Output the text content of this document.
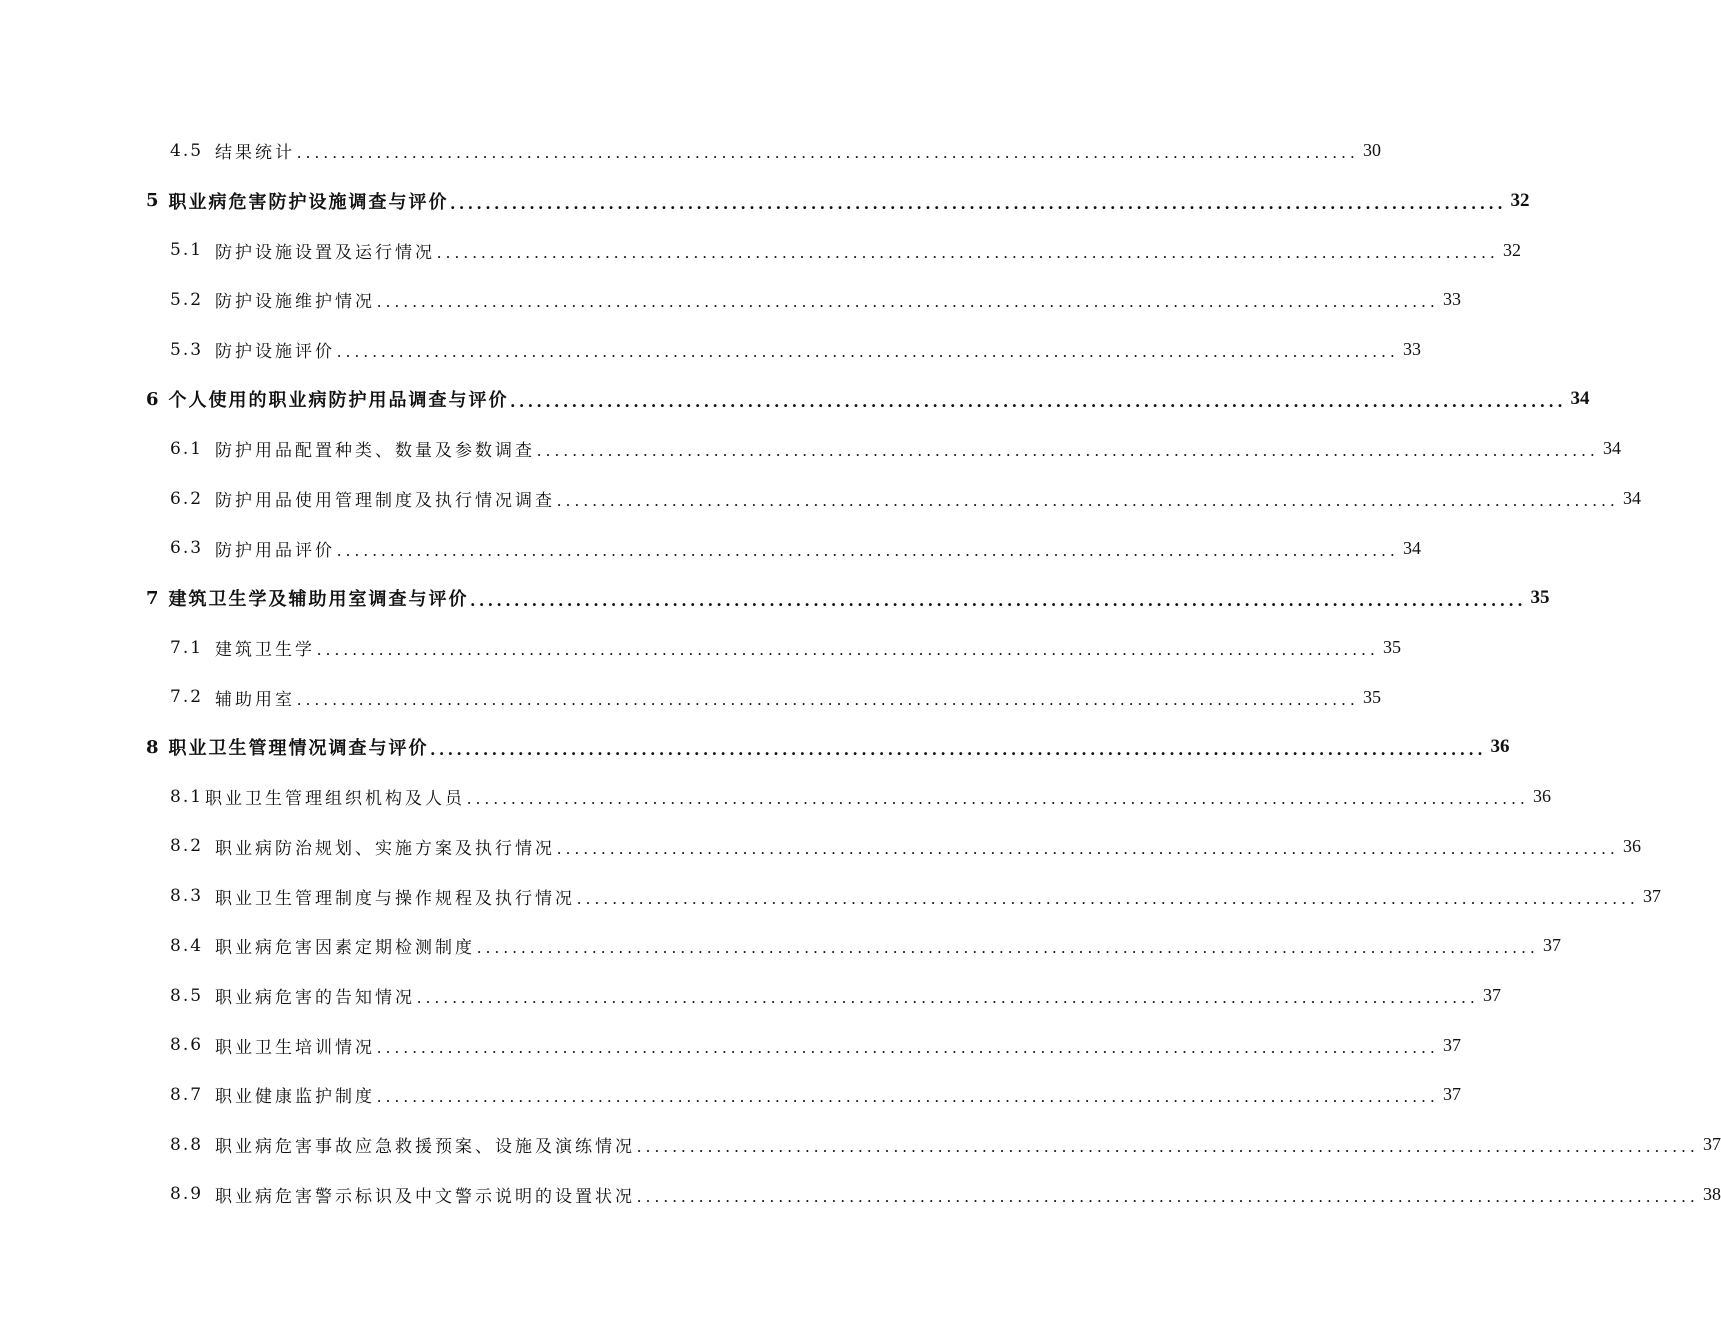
4.5 结果统计 ........................................................................................................................ 30
5 职业病危害防护设施调查与评价 ........................................................................................................................ 32
5.1 防护设施设置及运行情况 ........................................................................................................................ 32
5.2 防护设施维护情况 ........................................................................................................................ 33
5.3 防护设施评价 ........................................................................................................................ 33
6 个人使用的职业病防护用品调查与评价 ........................................................................................................................ 34
6.1 防护用品配置种类、数量及参数调查 ........................................................................................................................ 34
6.2 防护用品使用管理制度及执行情况调查 ........................................................................................................................ 34
6.3 防护用品评价 ........................................................................................................................ 34
7 建筑卫生学及辅助用室调查与评价 ........................................................................................................................ 35
7.1 建筑卫生学 ........................................................................................................................ 35
7.2 辅助用室 ........................................................................................................................ 35
8 职业卫生管理情况调查与评价 ........................................................................................................................ 36
8.1 职业卫生管理组织机构及人员 ........................................................................................................................ 36
8.2 职业病防治规划、实施方案及执行情况 ........................................................................................................................ 36
8.3 职业卫生管理制度与操作规程及执行情况 ........................................................................................................................ 37
8.4 职业病危害因素定期检测制度 ........................................................................................................................ 37
8.5 职业病危害的告知情况 ........................................................................................................................ 37
8.6 职业卫生培训情况 ........................................................................................................................ 37
8.7 职业健康监护制度 ........................................................................................................................ 37
8.8 职业病危害事故应急救援预案、设施及演练情况 ........................................................................................................................ 37
8.9 职业病危害警示标识及中文警示说明的设置状况 ........................................................................................................................ 38
